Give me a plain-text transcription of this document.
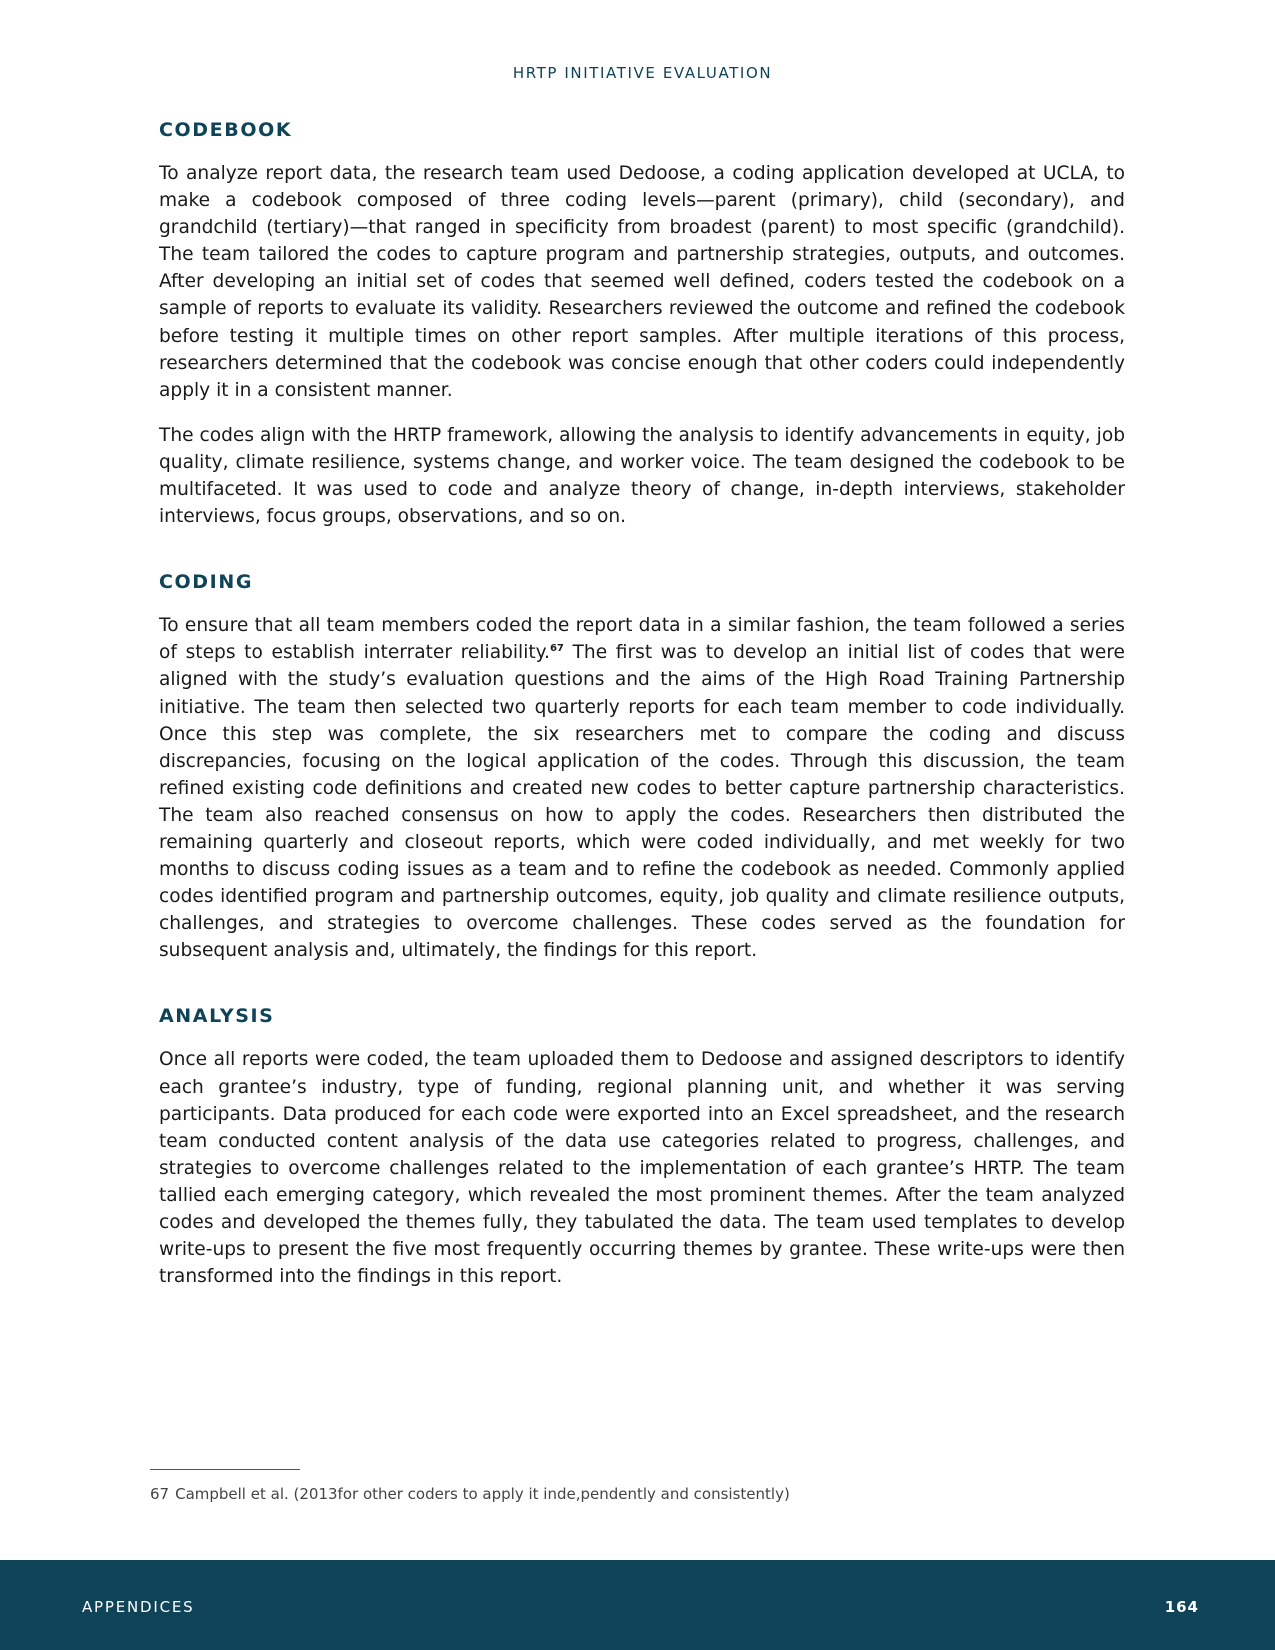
HRTP INITIATIVE EVALUATION
CODEBOOK

To analyze report data, the research team used Dedoose, a coding application developed at UCLA, to make a codebook composed of three coding levels—parent (primary), child (secondary), and grandchild (tertiary)—that ranged in specificity from broadest (parent) to most specific (grandchild). The team tailored the codes to capture program and partnership strategies, outputs, and outcomes. After developing an initial set of codes that seemed well defined, coders tested the codebook on a sample of reports to evaluate its validity. Researchers reviewed the outcome and refined the codebook before testing it multiple times on other report samples. After multiple iterations of this process, researchers determined that the codebook was concise enough that other coders could independently apply it in a consistent manner.

The codes align with the HRTP framework, allowing the analysis to identify advancements in equity, job quality, climate resilience, systems change, and worker voice. The team designed the codebook to be multifaceted. It was used to code and analyze theory of change, in-depth interviews, stakeholder interviews, focus groups, observations, and so on.

CODING

To ensure that all team members coded the report data in a similar fashion, the team followed a series of steps to establish interrater reliability.$^{67}$ The first was to develop an initial list of codes that were aligned with the study’s evaluation questions and the aims of the High Road Training Partnership initiative. The team then selected two quarterly reports for each team member to code individually. Once this step was complete, the six researchers met to compare the coding and discuss discrepancies, focusing on the logical application of the codes. Through this discussion, the team refined existing code definitions and created new codes to better capture partnership characteristics. The team also reached consensus on how to apply the codes. Researchers then distributed the remaining quarterly and closeout reports, which were coded individually, and met weekly for two months to discuss coding issues as a team and to refine the codebook as needed. Commonly applied codes identified program and partnership outcomes, equity, job quality and climate resilience outputs, challenges, and strategies to overcome challenges. These codes served as the foundation for subsequent analysis and, ultimately, the findings for this report.

ANALYSIS

Once all reports were coded, the team uploaded them to Dedoose and assigned descriptors to identify each grantee’s industry, type of funding, regional planning unit, and whether it was serving participants. Data produced for each code were exported into an Excel spreadsheet, and the research team conducted content analysis of the data use categories related to progress, challenges, and strategies to overcome challenges related to the implementation of each grantee’s HRTP. The team tallied each emerging category, which revealed the most prominent themes. After the team analyzed codes and developed the themes fully, they tabulated the data. The team used templates to develop write-ups to present the five most frequently occurring themes by grantee. These write-ups were then transformed into the findings in this report.

67 Campbell et al. (2013for other coders to apply it inde,pendently and consistently)
APPENDICES	164
